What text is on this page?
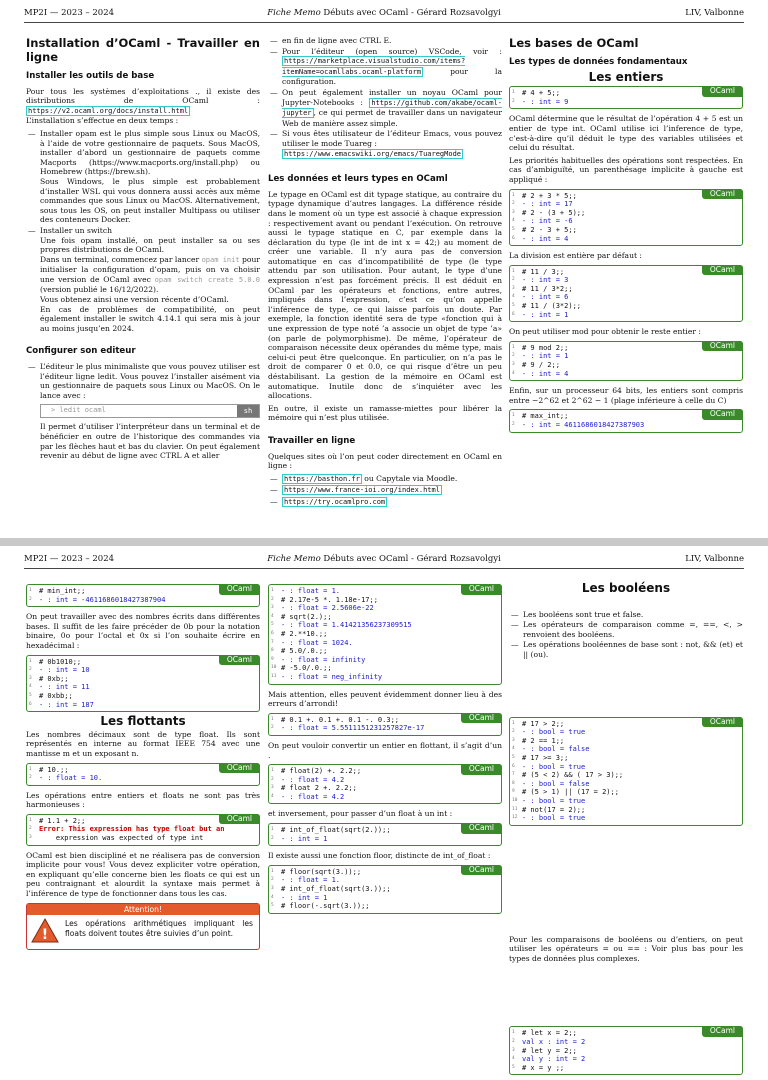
MP2I — 2023 – 2024	Fiche Memo Débuts avec OCaml - Gérard Rozsavolgyi	LIV, Valbonne
Installation d’OCaml - Travailler en ligne
Installer les outils de base

Pour tous les systèmes d’exploitations ., il existe des distributions de OCaml : https://v2.ocaml.org/docs/install.html
L’installation s’effectue en deux temps :

— Installer opam est le plus simple sous Linux ou MacOS, à l’aide de votre gestionnaire de paquets. Sous MacOS, installer d’abord un gestionnaire de paquets comme Macports (https://www.macports.org/install.php) ou Homebrew (https://brew.sh).
Sous Windows, le plus simple est probablement d’installer WSL qui vous donnera aussi accès aux même commandes que sous Linux ou MacOS. Alternativement, sous tous les OS, on peut installer Multipass ou utiliser des conteneurs Docker.
— Installer un switch
Une fois opam installé, on peut installer sa ou ses propres distributions de OCaml.
Dans un terminal, commencez par lancer opam init pour initialiser la configuration d’opam, puis on va choisir une version de OCaml avec opam switch create 5.0.0 (version publié le 16/12/2022).
Vous obtenez ainsi une version récente d’OCaml.
En cas de problèmes de compatibilité, on peut également installer le switch 4.14.1 qui sera mis à jour au moins jusqu’en 2024.
Configurer son editeur
— L’éditeur le plus minimaliste que vous pouvez utiliser est l’éditeur ligne ledit. Vous pouvez l’installer aisément via un gestionnaire de paquets sous Linux ou MacOS. On le lance avec :
> ledit ocaml	sh
Il permet d’utiliser l’interpréteur dans un terminal et de bénéficier en outre de l’historique des commandes via par les flèches haut et bas du clavier. On peut également revenir au début de ligne avec CTRL A et aller
— en fin de ligne avec CTRL E.
— Pour l’éditeur (open source) VSCode, voir : https://marketplace.visualstudio.com/items?itemName=ocamllabs.ocaml-platform pour la configuration.
— On peut également installer un noyau OCaml pour Jupyter-Notebooks : https://github.com/akabe/ocaml-jupyter , ce qui permet de travailler dans un navigateur Web de manière assez simple.
— Si vous êtes utilisateur de l’éditeur Emacs, vous pouvez utiliser le mode Tuareg :
https://www.emacswiki.org/emacs/TuaregMode
Les données et leurs types en OCaml

Le typage en OCaml est dit typage statique, au contraire du typage dynamique d’autres langages. La différence réside dans le moment où un type est associé à chaque expression : respectivement avant ou pendant l’exécution. On retrouve aussi le typage statique en C, par exemple dans la déclaration du type (le int de int x = 42;) au moment de créer une variable. Il n’y aura pas de conversion automatique en cas d’incompatibilité de type (le type attendu par son utilisation. Pour autant, le type d’une expression n’est pas forcément précis. Il est déduit en OCaml par les opérateurs et fonctions, entre autres, impliqués dans l’expression, c’est ce qu’on appelle l’inférence de type, ce qui laisse parfois un doute. Par exemple, la fonction identité sera de type «fonction qui à une expression de type noté ’a associe un objet de type ’a» (on parle de polymorphisme). De même, l’opérateur de comparaison nécessite deux opérandes du même type, mais celui-ci peut être quelconque. En particulier, on n’a pas le droit de comparer 0 et 0.0, ce qui risque d’être un peu déstabilisant. La gestion de la mémoire en OCaml est automatique. Inutile donc de s’inquiéter avec les allocations.

En outre, il existe un ramasse-miettes pour libérer la mémoire qui n’est plus utilisée.

Travailler en ligne

Quelques sites où l’on peut coder directement en OCaml en ligne :

— https://basthon.fr ou Capytale via Moodle.
— https://www.france-ioi.org/index.html
— https://try.ocamlpro.com
Les bases de OCaml
Les types de données fondamentaux
Les entiers
OCaml
1 # 4 + 5;;
2 - : int = 9

OCaml détermine que le résultat de l’opération 4 + 5 est un entier de type int. OCaml utilise ici l’inference de type, c’est-à-dire qu’il déduit le type des variables utilisées et celui du résultat.

Les priorités habituelles des opérations sont respectées. En cas d’ambiguïté, un parenthésage implicite à gauche est appliqué :

OCaml
1 # 2 + 3 * 5;;
2 - : int = 17
3 # 2 - (3 + 5);;
4 - : int = -6
5 # 2 - 3 + 5;;
6 - : int = 4

La division est entière par défaut :

OCaml
1 # 11 / 3;;
2 - : int = 3
3 # 11 / 3*2;;
4 - : int = 6
5 # 11 / (3*2);;
6 - : int = 1

On peut utiliser mod pour obtenir le reste entier :

OCaml
1 # 9 mod 2;;
2 - : int = 1
3 # 9 / 2;;
4 - : int = 4

Enfin, sur un processeur 64 bits, les entiers sont compris entre −2^62 et 2^62 − 1 (plage inférieure à celle du C)

OCaml
1 # max_int;;
2 - : int = 4611686018427387903
MP2I — 2023 – 2024	Fiche Memo Débuts avec OCaml - Gérard Rozsavolgyi	LIV, Valbonne
OCaml
1 # min_int;;
2 - : int = -4611686018427387904

On peut travailler avec des nombres écrits dans différentes bases. Il suffit de les faire précéder de 0b pour la notation binaire, 0o pour l’octal et 0x si l’on souhaite écrire en hexadécimal :

OCaml
1 # 0b1010;;
2 - : int = 10
3 # 0xb;;
4 - : int = 11
5 # 0xbb;;
6 - : int = 187
Les flottants

Les nombres décimaux sont de type float. Ils sont représentés en interne au format IEEE 754 avec une mantisse m et un exposant n.

OCaml
1 # 10.;;
2 - : float = 10.

Les opérations entre entiers et floats ne sont pas très harmonieuses :

OCaml
1 # 1.1 + 2;;
2 Error: This expression has type float but an
3 expression was expected of type int

OCaml est bien discipliné et ne réalisera pas de conversion implicite pour vous! Vous devez expliciter votre opération, en expliquant qu’elle concerne bien les floats ce qui est un peu contraignant et alourdit la syntaxe mais permet à l’inférence de type de fonctionner dans tous les cas.

Attention!
!
Les opérations arithmétiques impliquant les floats doivent toutes être suivies d’un point.
OCaml
1 - : float = 1.
2 # 2.17e-5 *. 1.18e-17;;
3 - : float = 2.5606e-22
4 # sqrt(2.);;
5 - : float = 1.41421356237309515
6 # 2.**10.;;
7 - : float = 1024.
8 # 5.0/.0.;;
9 - : float = infinity
10 # -5.0/.0.;;
11 - : float = neg_infinity

Mais attention, elles peuvent évidemment donner lieu à des erreurs d’arrondi!

OCaml
1 # 0.1 +. 0.1 +. 0.1 -. 0.3;;
2 - : float = 5.5511151231257827e-17

On peut vouloir convertir un entier en flottant, il s’agit d’un .

OCaml
1 # float(2) +. 2.2;;
2 - : float = 4.2
3 # float 2 +. 2.2;;
4 - : float = 4.2

et inversement, pour passer d’un float à un int :

OCaml
1 # int_of_float(sqrt(2.));;
2 - : int = 1

Il existe aussi une fonction floor, distincte de int_of_float :

OCaml
1 # floor(sqrt(3.));;
2 - : float = 1.
3 # int_of_float(sqrt(3.));;
4 - : int = 1
5 # floor(-.sqrt(3.));;
Les booléens
— Les booléens sont true et false.
— Les opérateurs de comparaison comme =, ==, <, > renvoient des booléens.
— Les opérations booléennes de base sont : not, && (et) et || (ou).
OCaml
1 # 17 > 2;;
2 - : bool = true
3 # 2 == 1;;
4 - : bool = false
5 # 17 >= 3;;
6 - : bool = true
7 # (5 < 2) && ( 17 > 3);;
8 - : bool = false
9 # (5 > 1) || (17 = 2);;
10 - : bool = true
11 # not(17 = 2);;
12 - : bool = true

Pour les comparaisons de booléens ou d’entiers, on peut utiliser les opérateurs = ou == : Voir plus bas pour les types de données plus complexes.

OCaml
1 # let x = 2;;
2 val x : int = 2
3 # let y = 2;;
4 val y : int = 2
5 # x = y ;;
